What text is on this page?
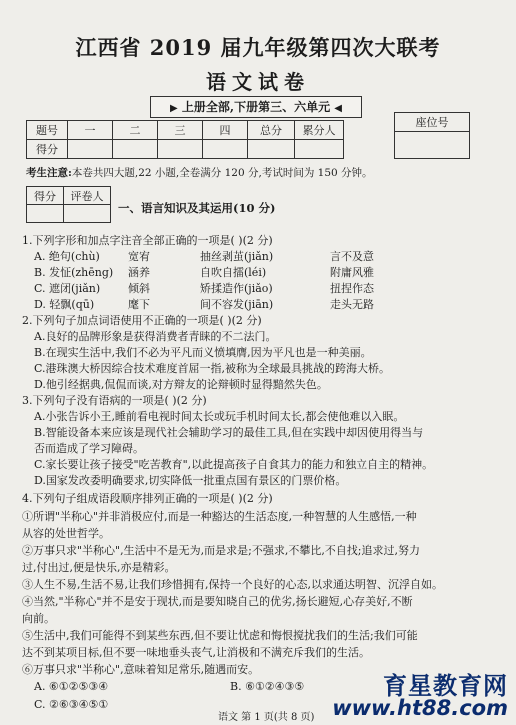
江西省 2019 届九年级第四次大联考
语文试卷
▶ 上册全部,下册第三、六单元 ◀
题号	一	二	三	四	总分	累分人
得分						
座位号

考生注意:本卷共四大题,22 小题,全卷满分 120 分,考试时间为 150 分钟。
得分	评卷人

一、语言知识及其运用(10 分)
1.下列字形和加点字注音全部正确的一项是( )(2 分)
A. 绝句(chù)	宽宥	抽丝剥茧(jiǎn)	言不及意
B. 发怔(zhēng) 涵养	自吹自擂(léi)	附庸风雅
C. 遮闭(jiǎn)	倾斜	矫揉造作(jiǎo)	扭捏作态
D. 轻飘(qū)	麾下	间不容发(jiān)	走头无路
2.下列句子加点词语使用不正确的一项是( )(2 分)
A.良好的品牌形象是获得消费者青睐的不二法门。
B.在现实生活中,我们不必为平凡而义愤填膺,因为平凡也是一种美丽。
C.港珠澳大桥因综合技术难度首屈一指,被称为全球最具挑战的跨海大桥。
D.他引经据典,侃侃而谈,对方辩友的论辩顿时显得黯然失色。
3.下列句子没有语病的一项是( )(2 分)
A.小张告诉小王,睡前看电视时间太长或玩手机时间太长,都会使他难以入眠。
B.智能设备本来应该是现代社会辅助学习的最佳工具,但在实践中却因使用得当与
否而造成了学习障碍。
C.家长要让孩子接受"吃苦教育",以此提高孩子自食其力的能力和独立自主的精神。
D.国家发改委明确要求,切实降低一批重点国有景区的门票价格。
4.下列句子组成语段顺序排列正确的一项是( )(2 分)
①所谓"半称心"并非消极应付,而是一种豁达的生活态度,一种智慧的人生感悟,一种
从容的处世哲学。
②万事只求"半称心",生活中不是无为,而是求是;不强求,不攀比,不自找;追求过,努力
过,付出过,便是快乐,亦是精彩。
③人生不易,生活不易,让我们珍惜拥有,保持一个良好的心态,以求通达明智、沉浮自如。
④当然,"半称心"并不是安于现状,而是要知晓自己的优劣,扬长避短,心存美好,不断
向前。
⑤生活中,我们可能得不到某些东西,但不要让忧虑和悔恨搅扰我们的生活;我们可能
达不到某项目标,但不要一味地垂头丧气,让消极和不满充斥我们的生活。
⑥万事只求"半称心",意味着知足常乐,随遇而安。
A. ⑥①②⑤③④	B. ⑥①②④③⑤
C. ②⑥③④⑤①
语文 第 1 页(共 8 页)
育星教育网
www.ht88.com
